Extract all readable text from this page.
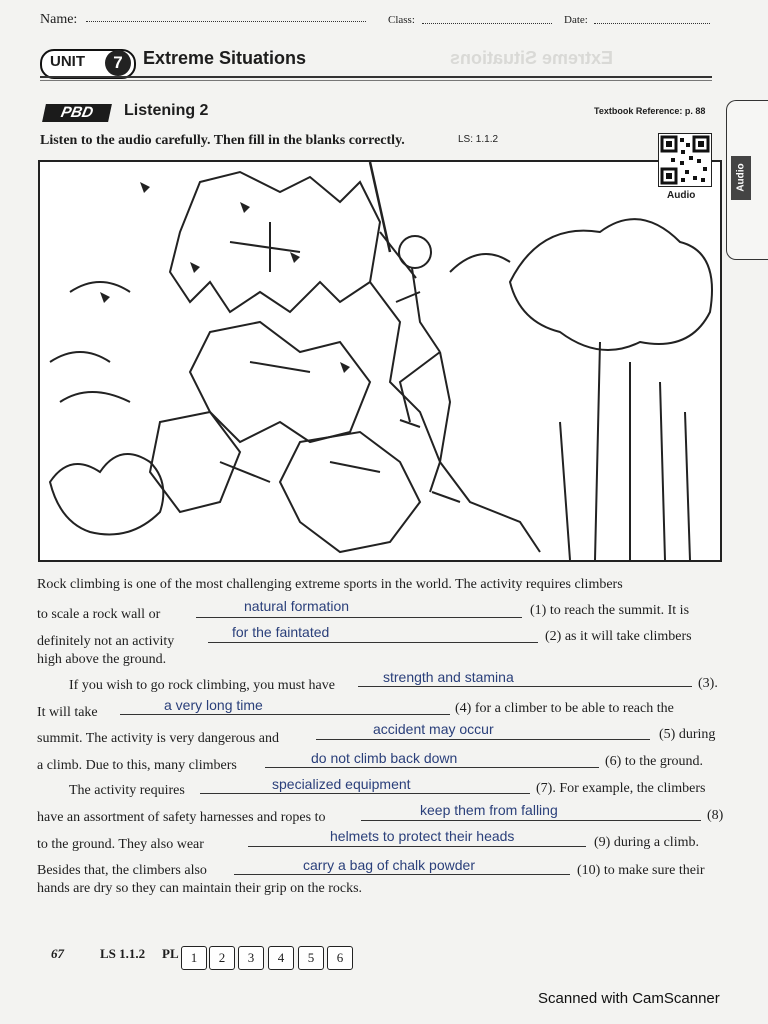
Name:	Class:	Date:
Extreme Situations
UNIT	7	Extreme Situations
PBD	Listening 2	Textbook Reference: p. 88
Listen to the audio carefully. Then fill in the blanks correctly.	LS: 1.1.2
Audio
Audio
Rock climbing is one of the most challenging extreme sports in the world. The activity requires climbers
to scale a rock wall or
natural formation	(1) to reach the summit. It is
definitely not an activity
for the faintated	(2) as it will take climbers
high above the ground.
If you wish to go rock climbing, you must have
strength and stamina	(3).
It will take	a very long time	(4) for a climber to be able to reach the
summit. The activity is very dangerous and
accident may occur	(5) during
a climb. Due to this, many climbers	do not climb back down	(6) to the ground.
The activity requires	specialized equipment	(7). For example, the climbers
have an assortment of safety harnesses and ropes to	keep them from falling	(8)
to the ground. They also wear
helmets to protect their heads	(9) during a climb.
Besides that, the climbers also	carry a bag of chalk powder	(10) to make sure their
hands are dry so they can maintain their grip on the rocks.
67	LS 1.1.2 PL 1	2	3	4	5	6
Scanned with CamScanner
